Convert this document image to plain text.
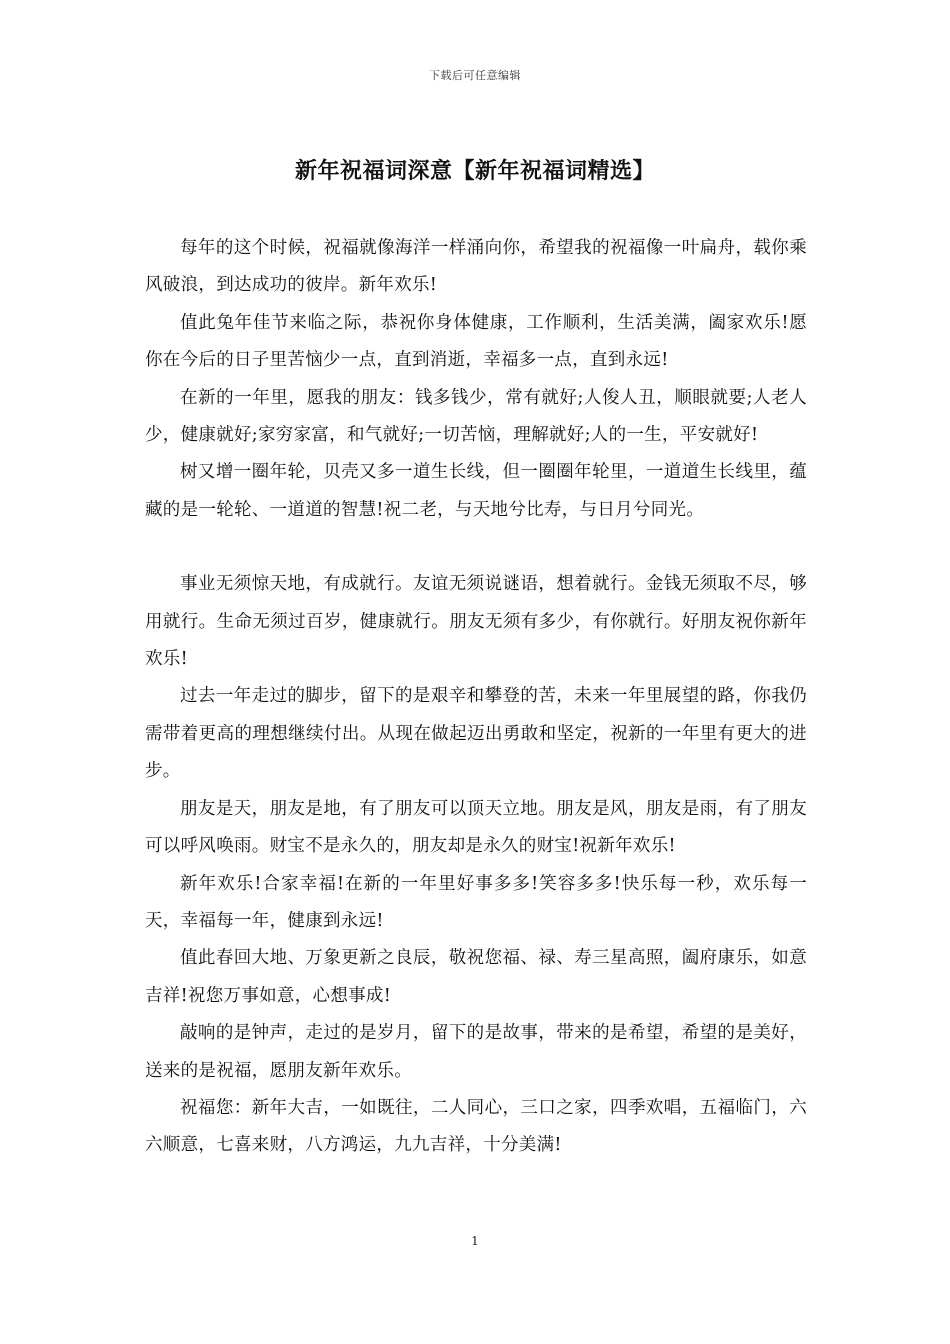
下载后可任意编辑
新年祝福词深意【新年祝福词精选】

每年的这个时候，祝福就像海洋一样涌向你，希望我的祝福像一叶扁舟，载你乘风破浪，到达成功的彼岸。新年欢乐!

值此兔年佳节来临之际，恭祝你身体健康，工作顺利，生活美满，阖家欢乐!愿你在今后的日子里苦恼少一点，直到消逝，幸福多一点，直到永远!

在新的一年里，愿我的朋友：钱多钱少，常有就好;人俊人丑，顺眼就要;人老人少，健康就好;家穷家富，和气就好;一切苦恼，理解就好;人的一生，平安就好!

树又增一圈年轮，贝壳又多一道生长线，但一圈圈年轮里，一道道生长线里，蕴藏的是一轮轮、一道道的智慧!祝二老，与天地兮比寿，与日月兮同光。

事业无须惊天地，有成就行。友谊无须说谜语，想着就行。金钱无须取不尽，够用就行。生命无须过百岁，健康就行。朋友无须有多少，有你就行。好朋友祝你新年欢乐!

过去一年走过的脚步，留下的是艰辛和攀登的苦，未来一年里展望的路，你我仍需带着更高的理想继续付出。从现在做起迈出勇敢和坚定，祝新的一年里有更大的进步。

朋友是天，朋友是地，有了朋友可以顶天立地。朋友是风，朋友是雨，有了朋友可以呼风唤雨。财宝不是永久的，朋友却是永久的财宝!祝新年欢乐!

新年欢乐!合家幸福!在新的一年里好事多多!笑容多多!快乐每一秒，欢乐每一天，幸福每一年，健康到永远!

值此春回大地、万象更新之良辰，敬祝您福、禄、寿三星高照，阖府康乐，如意吉祥!祝您万事如意，心想事成!

敲响的是钟声，走过的是岁月，留下的是故事，带来的是希望，希望的是美好，送来的是祝福，愿朋友新年欢乐。

祝福您：新年大吉，一如既往，二人同心，三口之家，四季欢唱，五福临门，六六顺意，七喜来财，八方鸿运，九九吉祥，十分美满!

1
